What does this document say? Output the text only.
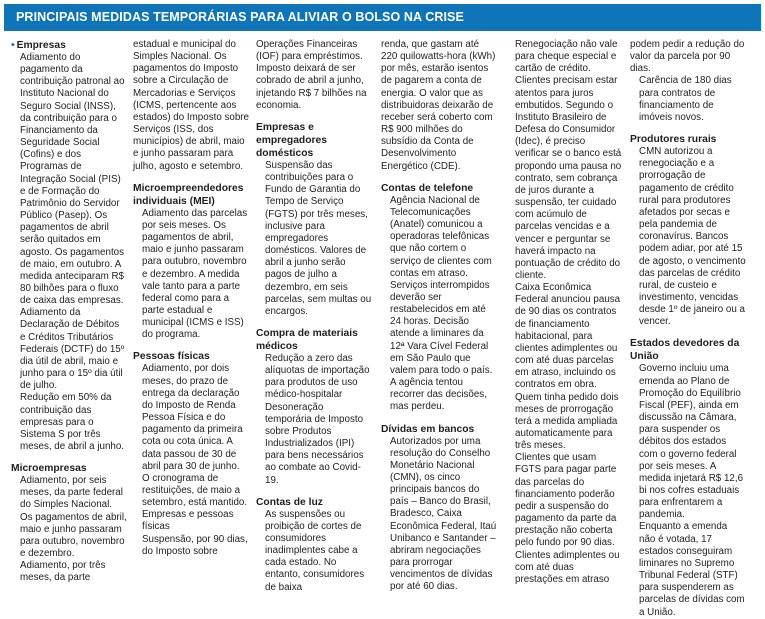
PRINCIPAIS MEDIDAS TEMPORÁRIAS PARA ALIVIAR O BOLSO NA CRISE

• Empresas

Adiamento do pagamento da contribuição patronal ao Instituto Nacional do Seguro Social (INSS), da contribuição para o Financiamento da Seguridade Social (Cofins) e dos Programas de Integração Social (PIS) e de Formação do Patrimônio do Servidor Público (Pasep). Os pagamentos de abril serão quitados em agosto. Os pagamentos de maio, em outubro. A medida anteciparam R$ 80 bilhões para o fluxo de caixa das empresas.

Adiamento da Declaração de Débitos e Créditos Tributários Federais (DCTF) do 15º dia útil de abril, maio e junho para o 15º dia útil de julho.

Redução em 50% da contribuição das empresas para o Sistema S por três meses, de abril a junho.

Microempresas

Adiamento, por seis meses, da parte federal do Simples Nacional. Os pagamentos de abril, maio e junho passaram para outubro, novembro e dezembro.

Adiamento, por três meses, da parte

estadual e municipal do Simples Nacional. Os pagamentos do Imposto sobre a Circulação de Mercadorias e Serviços (ICMS, pertencente aos estados) do Imposto sobre Serviços (ISS, dos municípios) de abril, maio e junho passaram para julho, agosto e setembro.

Microempreendedores individuais (MEI)

Adiamento das parcelas por seis meses. Os pagamentos de abril, maio e junho passaram para outubro, novembro e dezembro. A medida vale tanto para a parte federal como para a parte estadual e municipal (ICMS e ISS) do programa.

Pessoas físicas

Adiamento, por dois meses, do prazo de entrega da declaração do Imposto de Renda Pessoa Física e do pagamento da primeira cota ou cota única. A data passou de 30 de abril para 30 de junho.

O cronograma de restituições, de maio a setembro, está mantido. Empresas e pessoas físicas

Suspensão, por 90 dias, do Imposto sobre

Operações Financeiras (IOF) para empréstimos. Imposto deixará de ser cobrado de abril a junho, injetando R$ 7 bilhões na economia.

Empresas e empregadores domésticos

Suspensão das contribuições para o Fundo de Garantia do Tempo de Serviço (FGTS) por três meses, inclusive para empregadores domésticos. Valores de abril a junho serão pagos de julho a dezembro, em seis parcelas, sem multas ou encargos.

Compra de materiais médicos

Redução a zero das alíquotas de importação para produtos de uso médico-hospitalar

Desoneração temporária de Imposto sobre Produtos Industrializados (IPI) para bens necessários ao combate ao Covid-19.

Contas de luz

As suspensões ou proibição de cortes de consumidores inadimplentes cabe a cada estado. No entanto, consumidores de baixa

renda, que gastam até 220 quilowatts-hora (kWh) por mês, estarão isentos de pagarem a conta de energia. O valor que as distribuidoras deixarão de receber será coberto com R$ 900 milhões do subsídio da Conta de Desenvolvimento Energético (CDE).

Contas de telefone

Agência Nacional de Telecomunicações (Anatel) comunicou a operadoras telefônicas que não cortem o serviço de clientes com contas em atraso. Serviços interrompidos deverão ser restabelecidos em até 24 horas. Decisão atende a liminares da 12ª Vara Cível Federal em São Paulo que valem para todo o país. A agência tentou recorrer das decisões, mas perdeu.

Dívidas em bancos

Autorizados por uma resolução do Conselho Monetário Nacional (CMN), os cinco principais bancos do país – Banco do Brasil, Bradesco, Caixa Econômica Federal, Itaú Unibanco e Santander – abriram negociações para prorrogar vencimentos de dívidas por até 60 dias.

Renegociação não vale para cheque especial e cartão de crédito.

Clientes precisam estar atentos para juros embutidos. Segundo o Instituto Brasileiro de Defesa do Consumidor (Idec), é preciso verificar se o banco está propondo uma pausa no contrato, sem cobrança de juros durante a suspensão, ter cuidado com acúmulo de parcelas vencidas e a vencer e perguntar se haverá impacto na pontuação de crédito do cliente.

Caixa Econômica Federal anunciou pausa de 90 dias os contratos de financiamento habitacional, para clientes adimplentes ou com até duas parcelas em atraso, incluindo os contratos em obra. Quem tinha pedido dois meses de prorrogação terá a medida ampliada automaticamente para três meses.

Clientes que usam FGTS para pagar parte das parcelas do financiamento poderão pedir a suspensão do pagamento da parte da prestação não coberta pelo fundo por 90 dias.

Clientes adimplentes ou com até duas prestações em atraso

podem pedir a redução do valor da parcela por 90 dias.

Carência de 180 dias para contratos de financiamento de imóveis novos.

Produtores rurais

CMN autorizou a renegociação e a prorrogação de pagamento de crédito rural para produtores afetados por secas e pela pandemia de coronavírus. Bancos podem adiar, por até 15 de agosto, o vencimento das parcelas de crédito rural, de custeio e investimento, vencidas desde 1º de janeiro ou a vencer.

Estados devedores da União

Governo incluiu uma emenda ao Plano de Promoção do Equilíbrio Fiscal (PEF), ainda em discussão na Câmara, para suspender os débitos dos estados com o governo federal por seis meses. A medida injetará R$ 12,6 bi nos cofres estaduais para enfrentarem a pandemia.

Enquanto a emenda não é votada, 17 estados conseguiram liminares no Supremo Tribunal Federal (STF) para suspenderem as parcelas de dívidas com a União.
